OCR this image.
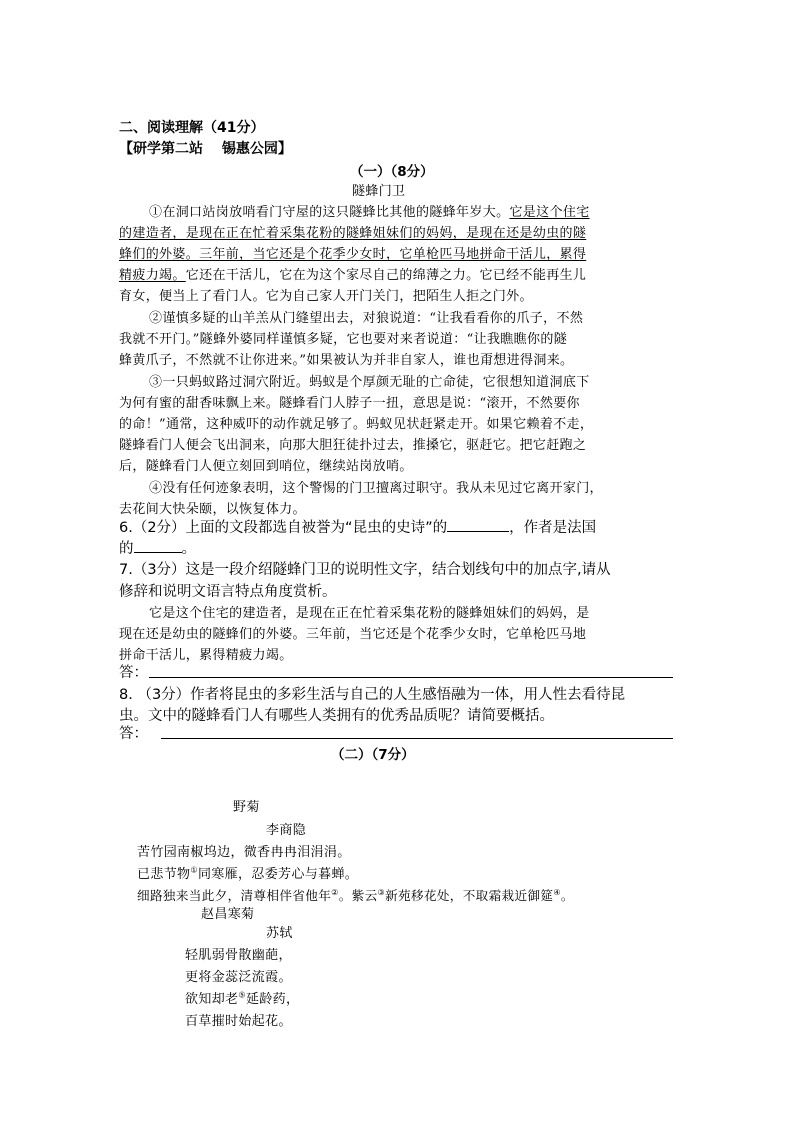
二、阅读理解（41分）
【研学第二站　 锡惠公园】
（一）（8分）
隧蜂门卫
①在洞口站岗放哨看门守屋的这只隧蜂比其他的隧蜂年岁大。它是这个住宅
的建造者，是现在正在忙着采集花粉的隧蜂姐妹们的妈妈，是现在还是幼虫的隧
蜂们的外婆。三年前，当它还是个花季少女时，它单枪匹马地拼命干活儿，累得
精疲力竭。它还在干活儿，它在为这个家尽自己的绵薄之力。它已经不能再生儿
育女，便当上了看门人。它为自己家人开门关门，把陌生人拒之门外。
②谨慎多疑的山羊羔从门缝望出去，对狼说道：“让我看看你的爪子，不然
我就不开门。”隧蜂外婆同样谨慎多疑，它也要对来者说道：“让我瞧瞧你的隧
蜂黄爪子，不然就不让你进来。”如果被认为并非自家人，谁也甭想进得洞来。
③一只蚂蚁路过洞穴附近。蚂蚁是个厚颜无耻的亡命徒，它很想知道洞底下
为何有蜜的甜香味飘上来。隧蜂看门人脖子一扭，意思是说：“滚开，不然要你
的命！”通常，这种威吓的动作就足够了。蚂蚁见状赶紧走开。如果它赖着不走，
隧蜂看门人便会飞出洞来，向那大胆狂徒扑过去，推搡它，驱赶它。把它赶跑之
后，隧蜂看门人便立刻回到哨位，继续站岗放哨。
④没有任何迹象表明，这个警惕的门卫擅离过职守。我从未见过它离开家门，
去花间大快朵颐，以恢复体力。
6.（2分）上面的文段都选自被誉为“昆虫的史诗”的	，作者是法国
的	。
7.（3分）这是一段介绍隧蜂门卫的说明性文字，结合划线句中的加点字,请从
修辞和说明文语言特点角度赏析。
它是这个住宅的建造者，是现在正在忙着采集花粉的隧蜂姐妹们的妈妈，是
现在还是幼虫的隧蜂们的外婆。三年前，当它还是个花季少女时，它单枪匹马地
拼命干活儿，累得精疲力竭。
答：
8. （3分）作者将昆虫的多彩生活与自己的人生感悟融为一体，用人性去看待昆
虫。文中的隧蜂看门人有哪些人类拥有的优秀品质呢？请简要概括。
答：
（二）（7分）
野菊
李商隐
苦竹园南椒坞边，微香冉冉泪涓涓。
已悲节物①同寒雁，忍委芳心与暮蝉。
细路独来当此夕，清尊相伴省他年②。紫云③新苑移花处，不取霜栽近御筵④。
赵昌寒菊
苏轼
轻肌弱骨散幽葩，
更将金蕊泛流霞。
欲知却老⑤延龄药，
百草摧时始起花。
